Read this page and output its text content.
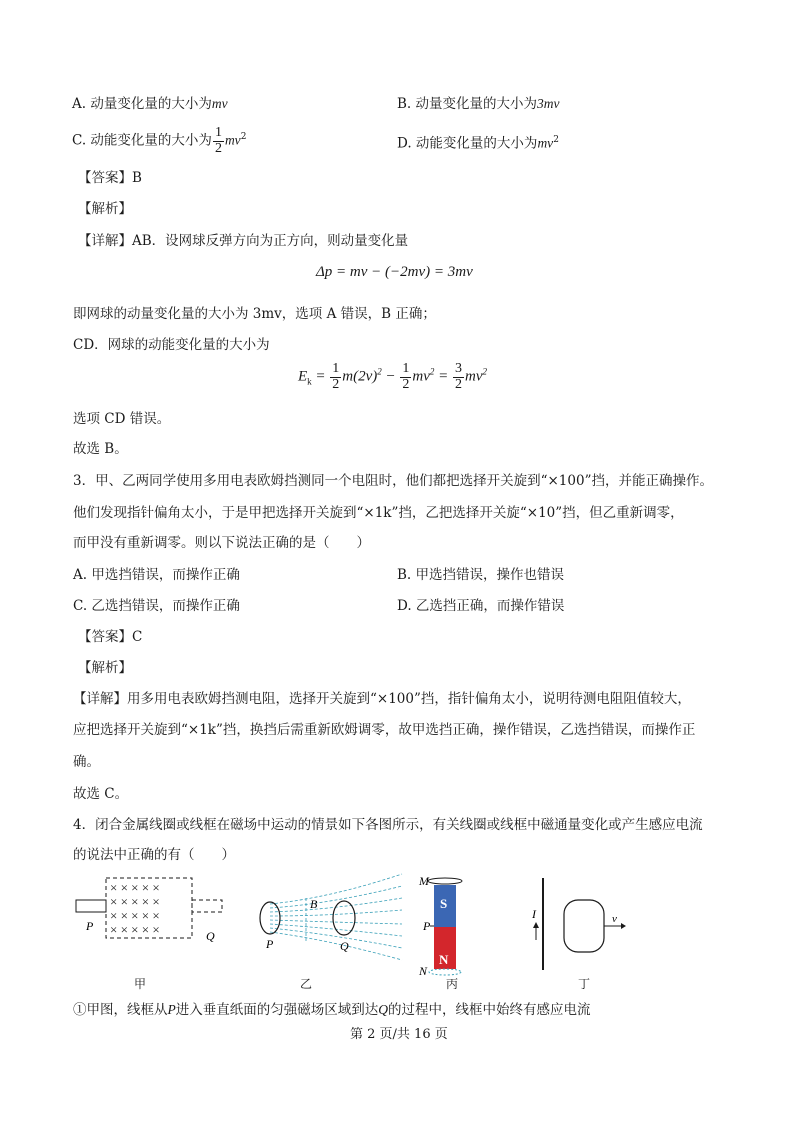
A. 动量变化量的大小为mv	B. 动量变化量的大小为3mv
C. 动能变化量的大小为 $\frac{1}{2} mv^2$	D. 动能变化量的大小为$mv^2$
【答案】B
【解析】
【详解】AB．设网球反弹方向为正方向，则动量变化量
Δp = mv − (−2mv) = 3mv
即网球的动量变化量的大小为 3mv，选项 A 错误，B 正确；
CD．网球的动能变化量的大小为
$E_k = \frac{1}{2} m(2v)^2 - \frac{1}{2} mv^2 = \frac{3}{2} mv^2$
选项 CD 错误。
故选 B。
3．甲、乙两同学使用多用电表欧姆挡测同一个电阻时，他们都把选择开关旋到“×100”挡，并能正确操作。
他们发现指针偏角太小，于是甲把选择开关旋到“×1k”挡，乙把选择开关旋“×10”挡，但乙重新调零，
而甲没有重新调零。则以下说法正确的是（　　）
A. 甲选挡错误，而操作正确	B. 甲选挡错误，操作也错误
C. 乙选挡错误，而操作正确	D. 乙选挡正确，而操作错误
【答案】C
【解析】
【详解】用多用电表欧姆挡测电阻，选择开关旋到“×100”挡，指针偏角太小，说明待测电阻阻值较大，
应把选择开关旋到“×1k”挡，换挡后需重新欧姆调零，故甲选挡正确，操作错误，乙选挡错误，而操作正
确。
故选 C。
4．闭合金属线圈或线框在磁场中运动的情景如下各图所示，有关线圈或线框中磁通量变化或产生感应电流
的说法中正确的有（　　）
× × × × ×
× × × × ×
× × × × ×
× × × × ×
P
Q
B
P	Q
S
N
M
P
N
I	v
甲	乙	丙	丁
①甲图，线框从P进入垂直纸面的匀强磁场区域到达Q的过程中，线框中始终有感应电流
第 2 页/共 16 页
